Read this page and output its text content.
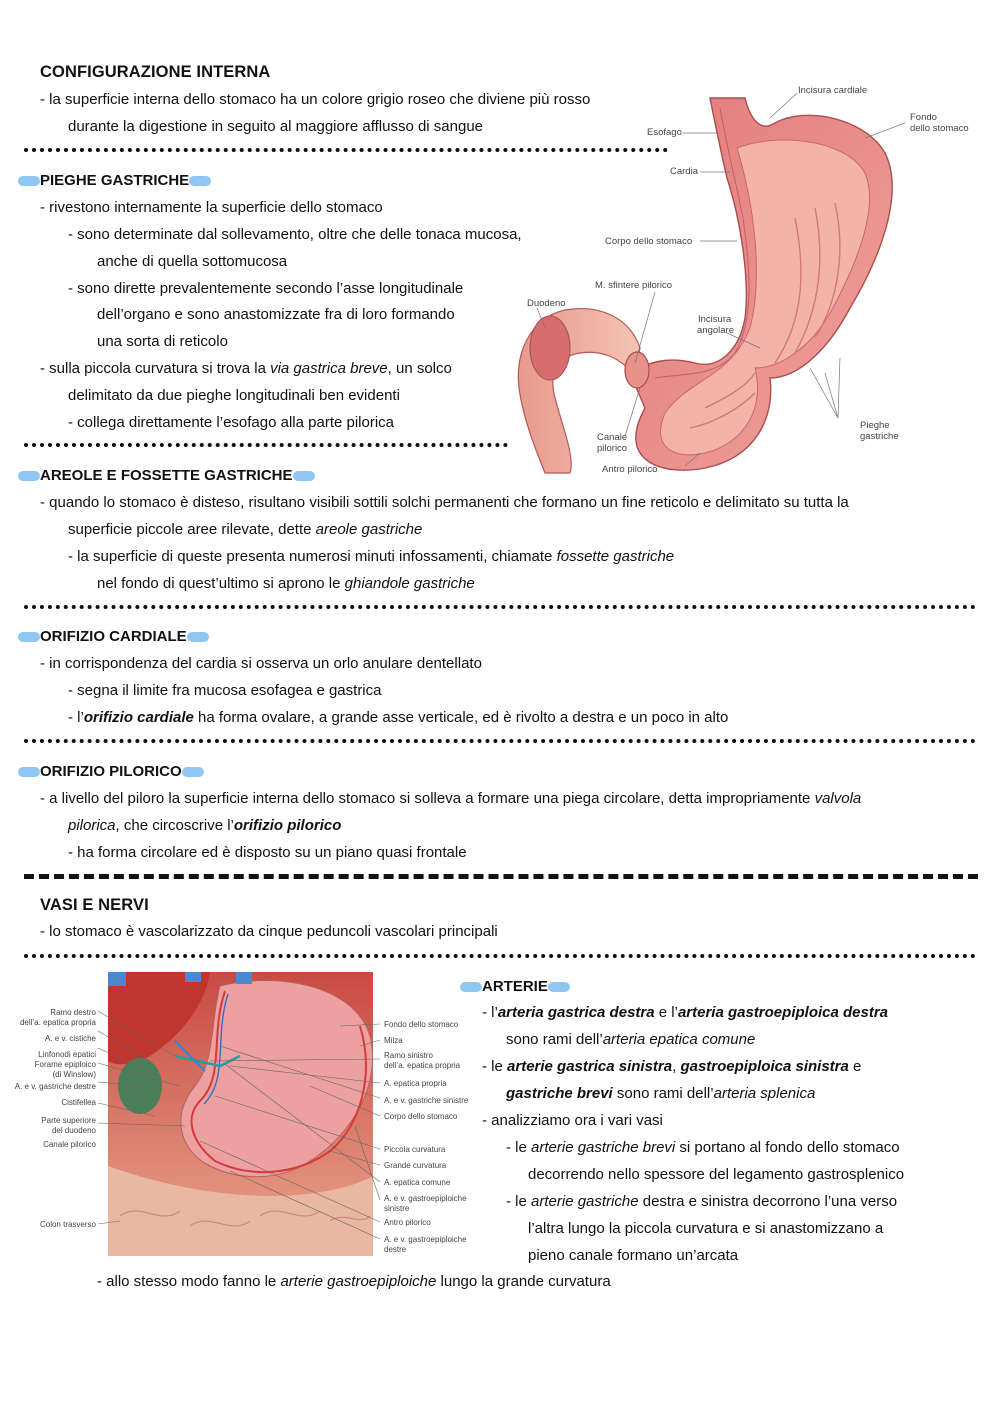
CONFIGURAZIONE INTERNA
- la superficie interna dello stomaco ha un colore grigio roseo che diviene più rosso
durante la digestione in seguito al maggiore afflusso di sangue
PIEGHE GASTRICHE
- rivestono internamente la superficie dello stomaco
- sono determinate dal sollevamento, oltre che delle tonaca mucosa,
anche di quella sottomucosa
- sono dirette prevalentemente secondo l’asse longitudinale
dell’organo e sono anastomizzate fra di loro formando
una sorta di reticolo
- sulla piccola curvatura si trova la via gastrica breve, un solco
delimitato da due pieghe longitudinali ben evidenti
- collega direttamente l’esofago alla parte pilorica
Incisura cardiale
Fondo
dello stomaco
Esofago
Cardia
Corpo dello stomaco
M. sfintere pilorico
Duodeno
Incisura
angolare
Pieghe
gastriche
Canale
pilorico
Antro pilorico
AREOLE E FOSSETTE GASTRICHE
- quando lo stomaco è disteso, risultano visibili sottili solchi permanenti che formano un fine reticolo e delimitato su tutta la
superficie piccole aree rilevate, dette areole gastriche
- la superficie di queste presenta numerosi minuti infossamenti, chiamate fossette gastriche
nel fondo di quest’ultimo si aprono le ghiandole gastriche
ORIFIZIO CARDIALE
- in corrispondenza del cardia si osserva un orlo anulare dentellato
- segna il limite fra mucosa esofagea e gastrica
- l’orifizio cardiale ha forma ovalare, a grande asse verticale, ed è rivolto a destra e un poco in alto
ORIFIZIO PILORICO
- a livello del piloro la superficie interna dello stomaco si solleva a formare una piega circolare, detta impropriamente valvola
pilorica, che circoscrive l’orifizio pilorico
- ha forma circolare ed è disposto su un piano quasi frontale
VASI E NERVI
- lo stomaco è vascolarizzato da cinque peduncoli vascolari principali
Ramo destro
dell’a. epatica propria
A. e v. cistiche
Linfonodi epatici
Forame epiploico
(di Winslow)
A. e v. gastriche destre
Cistifellea
Parte superiore
del duodeno
Canale pilorico
Colon trasverso
Fondo dello stomaco
Milza
Ramo sinistro
dell’a. epatica propria
A. epatica propria
A. e v. gastriche sinistre
Corpo dello stomaco
Piccola curvatura
Grande curvatura
A. epatica comune
A. e v. gastroepiploiche
sinistre
Antro pilorico
A. e v. gastroepiploiche
destre
ARTERIE
- l’arteria gastrica destra e l’arteria gastroepiploica destra
sono rami dell’arteria epatica comune
- le arterie gastrica sinistra, gastroepiploica sinistra e
gastriche brevi sono rami dell’arteria splenica
- analizziamo ora i vari vasi
- le arterie gastriche brevi si portano al fondo dello stomaco
decorrendo nello spessore del legamento gastrosplenico
- le arterie gastriche destra e sinistra decorrono l’una verso
l’altra lungo la piccola curvatura e si anastomizzano a
pieno canale formano un’arcata
- allo stesso modo fanno le arterie gastroepiploiche lungo la grande curvatura
